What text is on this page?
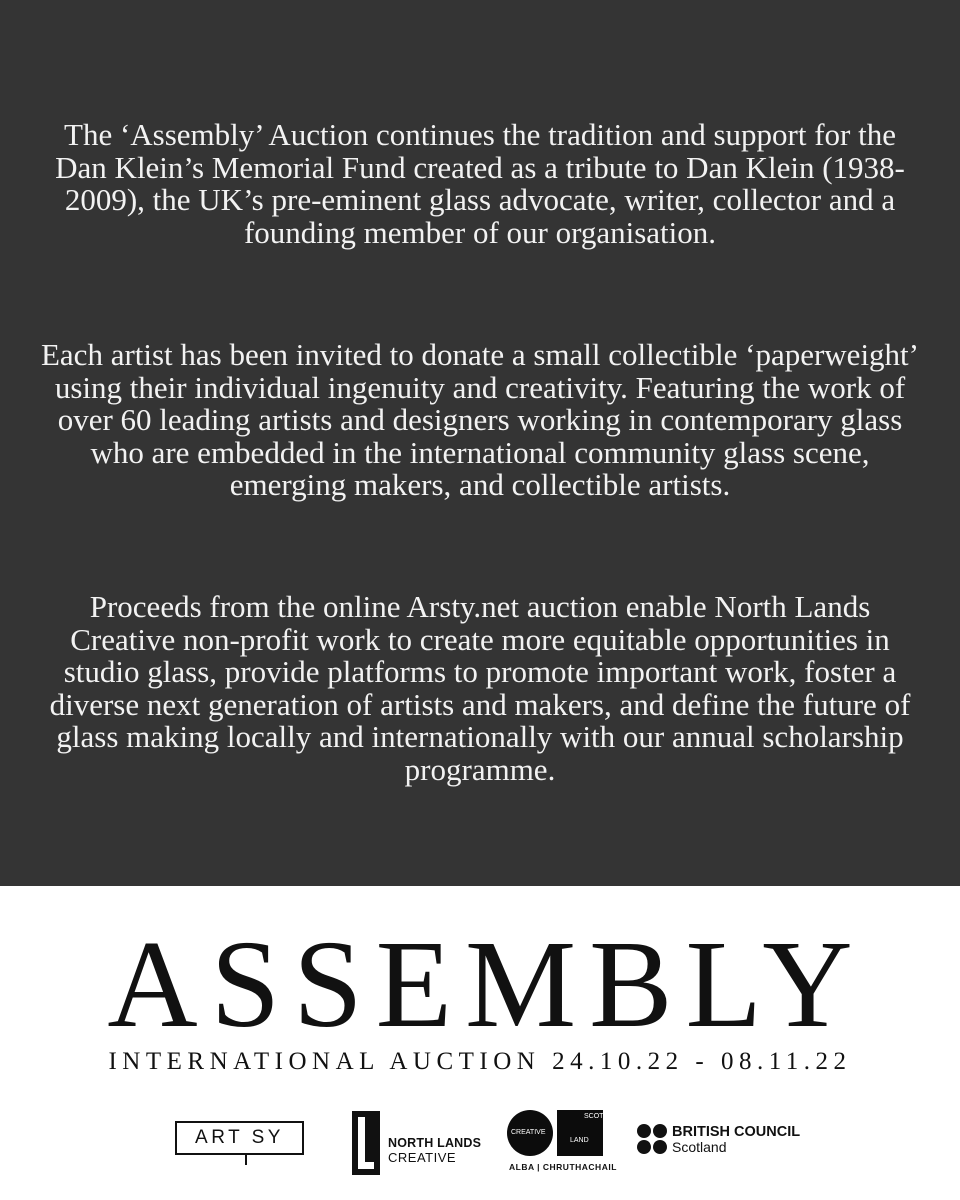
The ‘Assembly’ Auction continues the tradition and support for the Dan Klein’s Memorial Fund created as a tribute to Dan Klein (1938-2009), the UK’s pre-eminent glass advocate, writer, collector and a founding member of our organisation.

Each artist has been invited to donate a small collectible ‘paperweight’ using their individual ingenuity and creativity. Featuring the work of over 60 leading artists and designers working in contemporary glass who are embedded in the international community glass scene, emerging makers, and collectible artists.

Proceeds from the online Arsty.net auction enable North Lands Creative non-profit work to create more equitable opportunities in studio glass, provide platforms to promote important work, foster a diverse next generation of artists and makers, and define the future of glass making locally and internationally with our annual scholarship programme.

ASSEMBLY
INTERNATIONAL AUCTION 24.10.22 - 08.11.22
ART SY	NORTH LANDS
CREATIVE
CREATIVE
SCOT
LAND
ALBA | CHRUTHACHAIL
BRITISH COUNCIL
Scotland
